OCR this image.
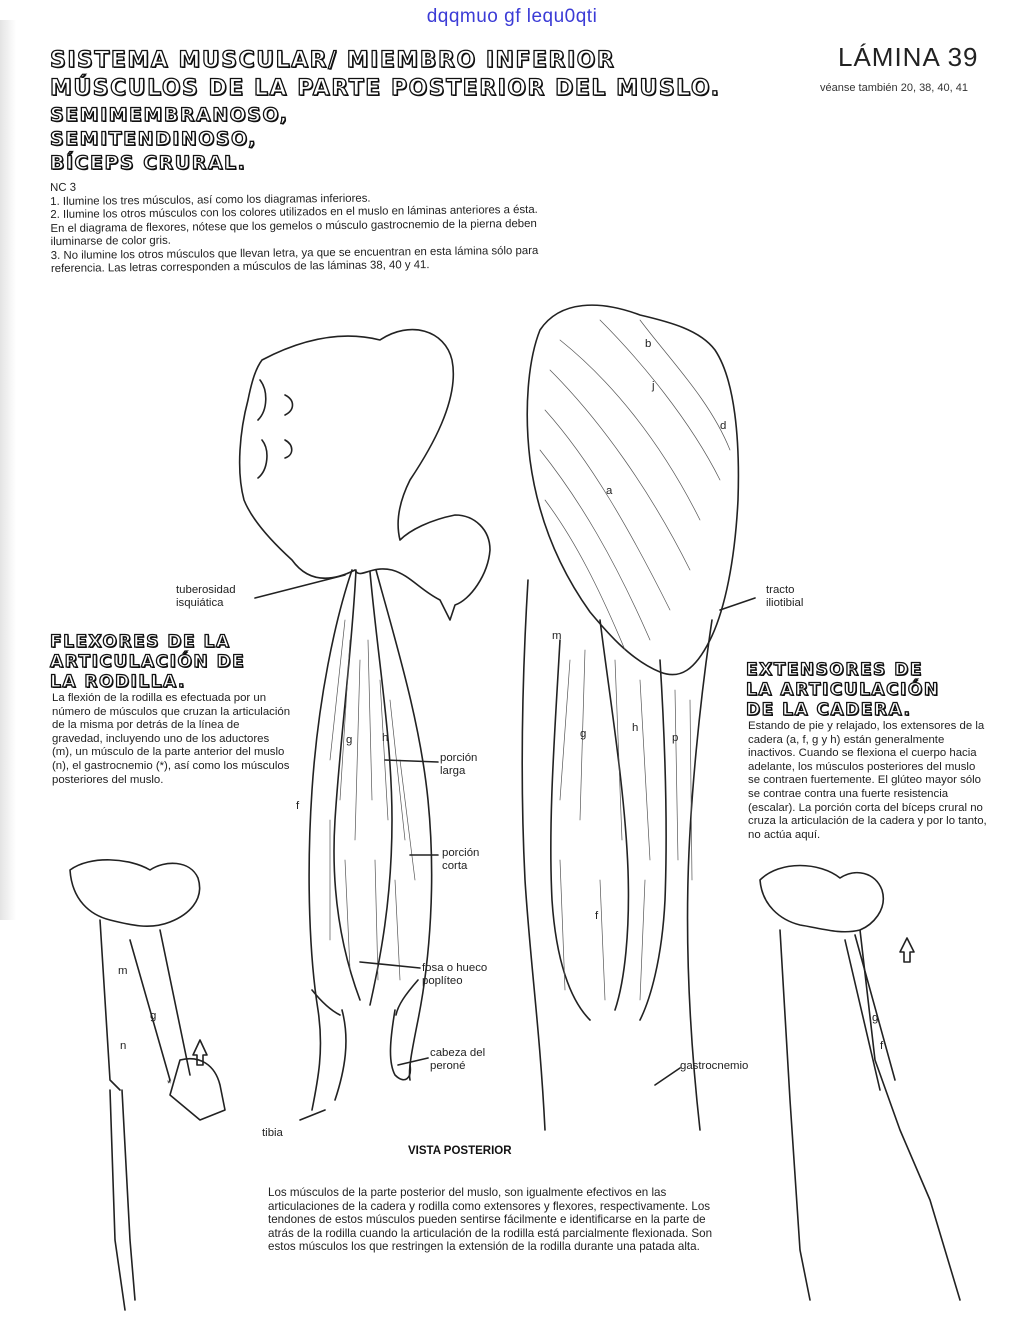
dqqmuo gf lequ0qti
SISTEMA MUSCULAR/ MIEMBRO INFERIOR
MÚSCULOS DE LA PARTE POSTERIOR DEL MUSLO.
SEMIMEMBRANOSO,
SEMITENDINOSO,
BÍCEPS CRURAL.
LÁMINA 39
véanse también 20, 38, 40, 41

NC 3

1. Ilumine los tres músculos, así como los diagramas inferiores.

2. Ilumine los otros músculos con los colores utilizados en el muslo en láminas anteriores a ésta. En el diagrama de flexores, nótese que los gemelos o músculo gastrocnemio de la pierna deben iluminarse de color gris.

3. No ilumine los otros músculos que llevan letra, ya que se encuentran en esta lámina sólo para referencia. Las letras corresponden a músculos de las láminas 38, 40 y 41.

b
j
d
a
m
g	h
p
f
g	h
f
m
g
n
*
g
f
tuberosidad isquiática
tracto iliotibial
porción larga
porción corta
fosa o hueco poplíteo
cabeza del peroné	gastrocnemio
tibia
VISTA POSTERIOR
FLEXORES DE LA
ARTICULACIÓN DE
LA RODILLA.
La flexión de la rodilla es efectuada por un número de músculos que cruzan la articulación de la misma por detrás de la línea de gravedad, incluyendo uno de los aductores (m), un músculo de la parte anterior del muslo (n), el gastrocnemio (*), así como los músculos posteriores del muslo.
EXTENSORES DE
LA ARTICULACIÓN
DE LA CADERA.
Estando de pie y relajado, los extensores de la cadera (a, f, g y h) están generalmente inactivos. Cuando se flexiona el cuerpo hacia adelante, los músculos posteriores del muslo se contraen fuertemente. El glúteo mayor sólo se contrae contra una fuerte resistencia (escalar). La porción corta del bíceps crural no cruza la articulación de la cadera y por lo tanto, no actúa aquí.
Los músculos de la parte posterior del muslo, son igualmente efectivos en las articulaciones de la cadera y rodilla como extensores y flexores, respectivamente. Los tendones de estos músculos pueden sentirse fácilmente e identificarse en la parte de atrás de la rodilla cuando la articulación de la rodilla está parcialmente flexionada. Son estos músculos los que restringen la extensión de la rodilla durante una patada alta.
